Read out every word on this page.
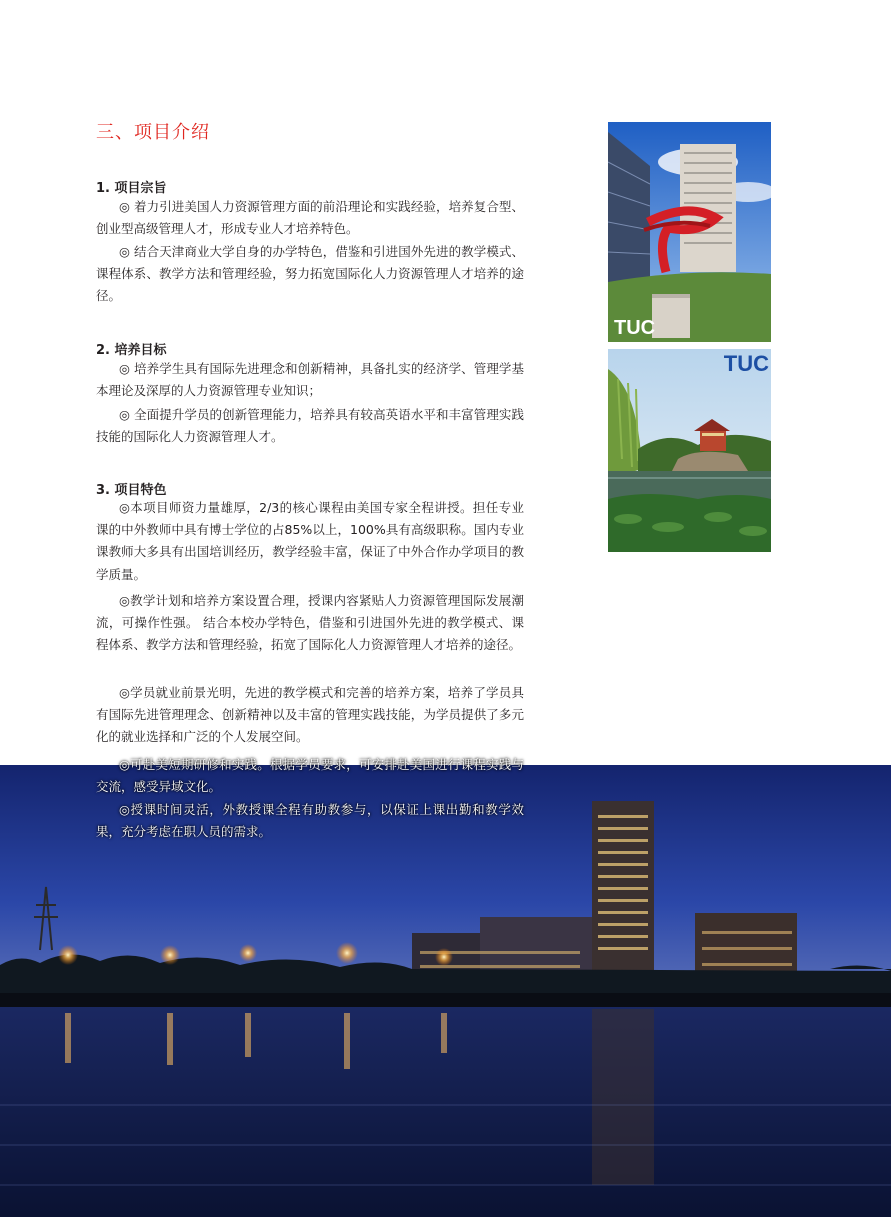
三、项目介绍
1. 项目宗旨

◎ 着力引进美国人力资源管理方面的前沿理论和实践经验，培养复合型、创业型高级管理人才，形成专业人才培养特色。

◎ 结合天津商业大学自身的办学特色，借鉴和引进国外先进的教学模式、课程体系、教学方法和管理经验，努力拓宽国际化人力资源管理人才培养的途径。

2. 培养目标

◎ 培养学生具有国际先进理念和创新精神，具备扎实的经济学、管理学基本理论及深厚的人力资源管理专业知识；

◎ 全面提升学员的创新管理能力，培养具有较高英语水平和丰富管理实践技能的国际化人力资源管理人才。

3. 项目特色

◎本项目师资力量雄厚，2/3的核心课程由美国专家全程讲授。担任专业课的中外教师中具有博士学位的占85%以上，100%具有高级职称。国内专业课教师大多具有出国培训经历，教学经验丰富，保证了中外合作办学项目的教学质量。

◎教学计划和培养方案设置合理，授课内容紧贴人力资源管理国际发展潮流，可操作性强。 结合本校办学特色，借鉴和引进国外先进的教学模式、课程体系、教学方法和管理经验，拓宽了国际化人力资源管理人才培养的途径。

◎学员就业前景光明，先进的教学模式和完善的培养方案，培养了学员具有国际先进管理理念、创新精神以及丰富的管理实践技能，为学员提供了多元化的就业选择和广泛的个人发展空间。

◎可赴美短期研修和实践。根据学员要求，可安排赴美国进行课程实践与交流，感受异域文化。

◎授课时间灵活，外教授课全程有助教参与，以保证上课出勤和教学效果，充分考虑在职人员的需求。

TUC
TUC
